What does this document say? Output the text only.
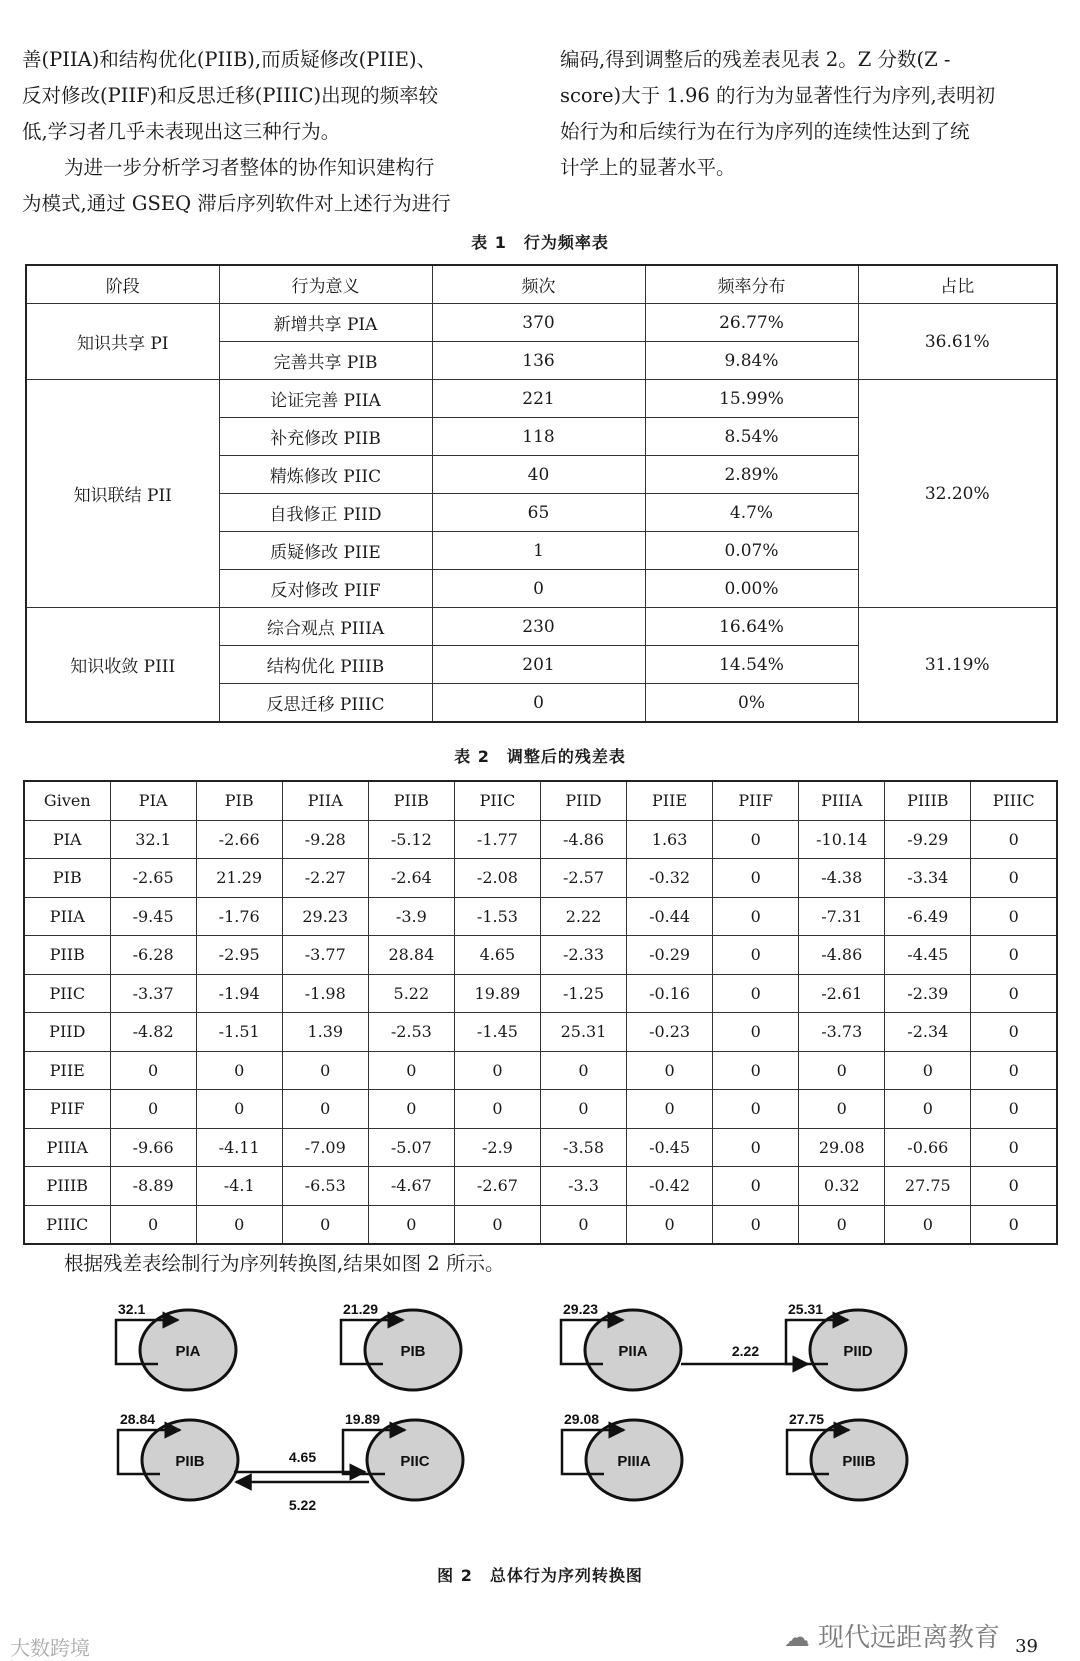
善(PIIA)和结构优化(PIIB),而质疑修改(PIIE)、
反对修改(PIIF)和反思迁移(PIIIC)出现的频率较
低,学习者几乎未表现出这三种行为。
为进一步分析学习者整体的协作知识建构行
为模式,通过 GSEQ 滞后序列软件对上述行为进行
编码,得到调整后的残差表见表 2。Z 分数(Z -
score)大于 1.96 的行为为显著性行为序列,表明初
始行为和后续行为在行为序列的连续性达到了统
计学上的显著水平。
表 1　行为频率表
阶段	行为意义	频次	频率分布	占比
知识共享 PI	新增共享 PIA	370	26.77%	36.61%
	完善共享 PIB	136	9.84%	
知识联结 PII	论证完善 PIIA	221	15.99%	32.20%
	补充修改 PIIB	118	8.54%	
	精炼修改 PIIC	40	2.89%	
	自我修正 PIID	65	4.7%	
	质疑修改 PIIE	1	0.07%	
	反对修改 PIIF	0	0.00%	
知识收敛 PIII	综合观点 PIIIA	230	16.64%	31.19%
	结构优化 PIIIB	201	14.54%	
	反思迁移 PIIIC	0	0%	
表 2　调整后的残差表
Given	PIA	PIB	PIIA	PIIB	PIIC	PIID	PIIE	PIIF	PIIIA	PIIIB	PIIIC
PIA	32.1	-2.66	-9.28	-5.12	-1.77	-4.86	1.63	0	-10.14	-9.29	0
PIB	-2.65	21.29	-2.27	-2.64	-2.08	-2.57	-0.32	0	-4.38	-3.34	0
PIIA	-9.45	-1.76	29.23	-3.9	-1.53	2.22	-0.44	0	-7.31	-6.49	0
PIIB	-6.28	-2.95	-3.77	28.84	4.65	-2.33	-0.29	0	-4.86	-4.45	0
PIIC	-3.37	-1.94	-1.98	5.22	19.89	-1.25	-0.16	0	-2.61	-2.39	0
PIID	-4.82	-1.51	1.39	-2.53	-1.45	25.31	-0.23	0	-3.73	-2.34	0
PIIE	0	0	0	0	0	0	0	0	0	0	0
PIIF	0	0	0	0	0	0	0	0	0	0	0
PIIIA	-9.66	-4.11	-7.09	-5.07	-2.9	-3.58	-0.45	0	29.08	-0.66	0
PIIIB	-8.89	-4.1	-6.53	-4.67	-2.67	-3.3	-0.42	0	0.32	27.75	0
PIIIC	0	0	0	0	0	0	0	0	0	0	0
根据残差表绘制行为序列转换图,结果如图 2 所示。
PIA
32.1
PIB
21.29
PIIA
29.23
PIID
25.31
PIIB
28.84
PIIC
19.89
PIIIA
29.08
PIIIB
27.75
2.22
4.65
5.22
图 2　总体行为序列转换图
大数跨境	☁ 现代远距离教育 39
